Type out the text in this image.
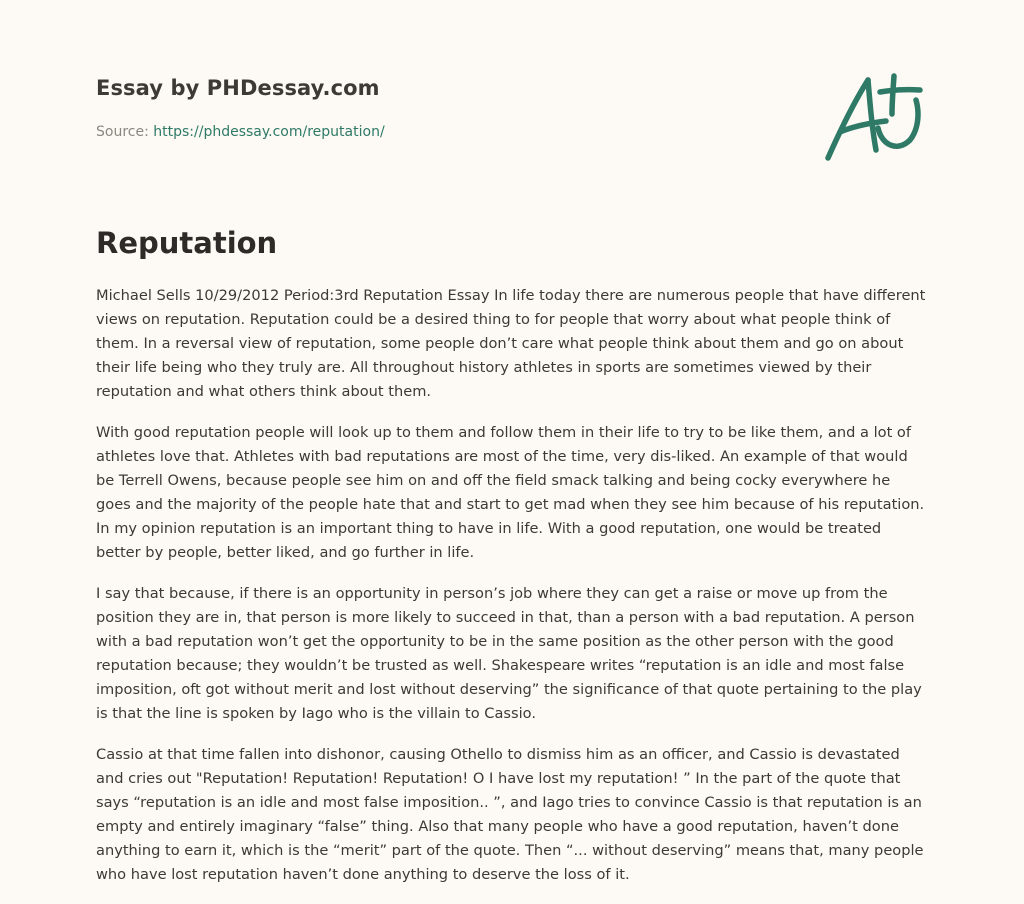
Essay by PHDessay.com

Source: https://phdessay.com/reputation/

Reputation

Michael Sells 10/29/2012 Period:3rd Reputation Essay In life today there are numerous people that have different views on reputation. Reputation could be a desired thing to for people that worry about what people think of them. In a reversal view of reputation, some people don’t care what people think about them and go on about their life being who they truly are. All throughout history athletes in sports are sometimes viewed by their reputation and what others think about them.

With good reputation people will look up to them and follow them in their life to try to be like them, and a lot of athletes love that. Athletes with bad reputations are most of the time, very dis-liked. An example of that would be Terrell Owens, because people see him on and off the field smack talking and being cocky everywhere he goes and the majority of the people hate that and start to get mad when they see him because of his reputation. In my opinion reputation is an important thing to have in life. With a good reputation, one would be treated better by people, better liked, and go further in life.

I say that because, if there is an opportunity in person’s job where they can get a raise or move up from the position they are in, that person is more likely to succeed in that, than a person with a bad reputation. A person with a bad reputation won’t get the opportunity to be in the same position as the other person with the good reputation because; they wouldn’t be trusted as well. Shakespeare writes “reputation is an idle and most false imposition, oft got without merit and lost without deserving” the significance of that quote pertaining to the play is that the line is spoken by Iago who is the villain to Cassio.

Cassio at that time fallen into dishonor, causing Othello to dismiss him as an officer, and Cassio is devastated and cries out "Reputation! Reputation! Reputation! O I have lost my reputation! ” In the part of the quote that says “reputation is an idle and most false imposition.. ”, and Iago tries to convince Cassio is that reputation is an empty and entirely imaginary “false” thing. Also that many people who have a good reputation, haven’t done anything to earn it, which is the “merit” part of the quote. Then “... without deserving” means that, many people who have lost reputation haven’t done anything to deserve the loss of it.
